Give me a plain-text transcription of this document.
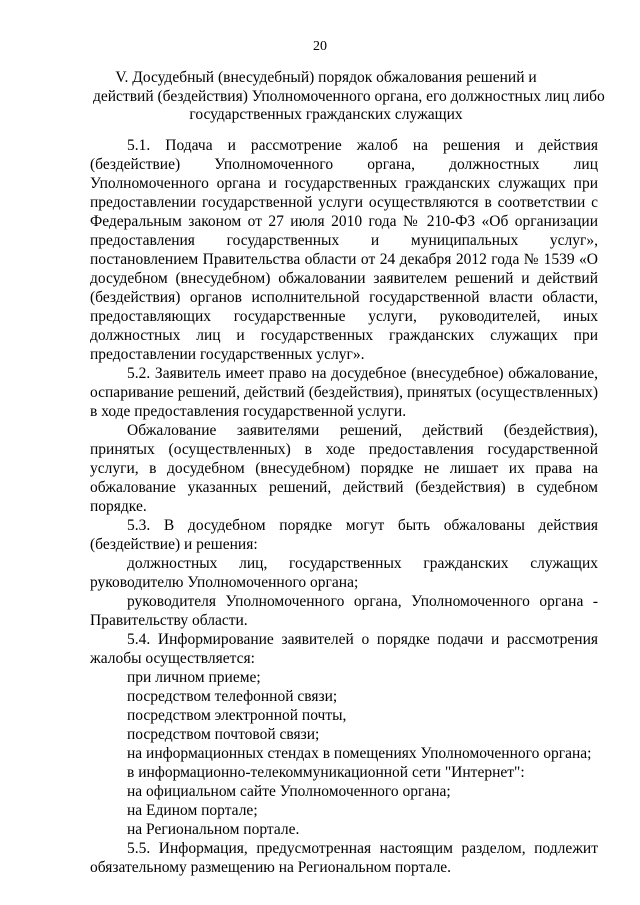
20
V. Досудебный (внесудебный) порядок обжалования решений и
действий (бездействия) Уполномоченного органа, его должностных лиц либо
государственных гражданских служащих

5.1. Подача и рассмотрение жалоб на решения и действия (бездействие) Уполномоченного органа, должностных лиц Уполномоченного органа и государственных гражданских служащих при предоставлении государственной услуги осуществляются в соответствии с Федеральным законом от 27 июля 2010 года № 210-ФЗ «Об организации предоставления государственных и муниципальных услуг», постановлением Правительства области от 24 декабря 2012 года № 1539 «О досудебном (внесудебном) обжаловании заявителем решений и действий (бездействия) органов исполнительной государственной власти области, предоставляющих государственные услуги, руководителей, иных должностных лиц и государственных гражданских служащих при предоставлении государственных услуг».

5.2. Заявитель имеет право на досудебное (внесудебное) обжалование, оспаривание решений, действий (бездействия), принятых (осуществленных) в ходе предоставления государственной услуги.

Обжалование заявителями решений, действий (бездействия), принятых (осуществленных) в ходе предоставления государственной услуги, в досудебном (внесудебном) порядке не лишает их права на обжалование указанных решений, действий (бездействия) в судебном порядке.

5.3. В досудебном порядке могут быть обжалованы действия (бездействие) и решения:

должностных лиц, государственных гражданских служащих руководителю Уполномоченного органа;

руководителя Уполномоченного органа, Уполномоченного органа - Правительству области.

5.4. Информирование заявителей о порядке подачи и рассмотрения жалобы осуществляется:

при личном приеме;

посредством телефонной связи;

посредством электронной почты,

посредством почтовой связи;

на информационных стендах в помещениях Уполномоченного органа;

в информационно-телекоммуникационной сети "Интернет":

на официальном сайте Уполномоченного органа;

на Едином портале;

на Региональном портале.

5.5. Информация, предусмотренная настоящим разделом, подлежит обязательному размещению на Региональном портале.
